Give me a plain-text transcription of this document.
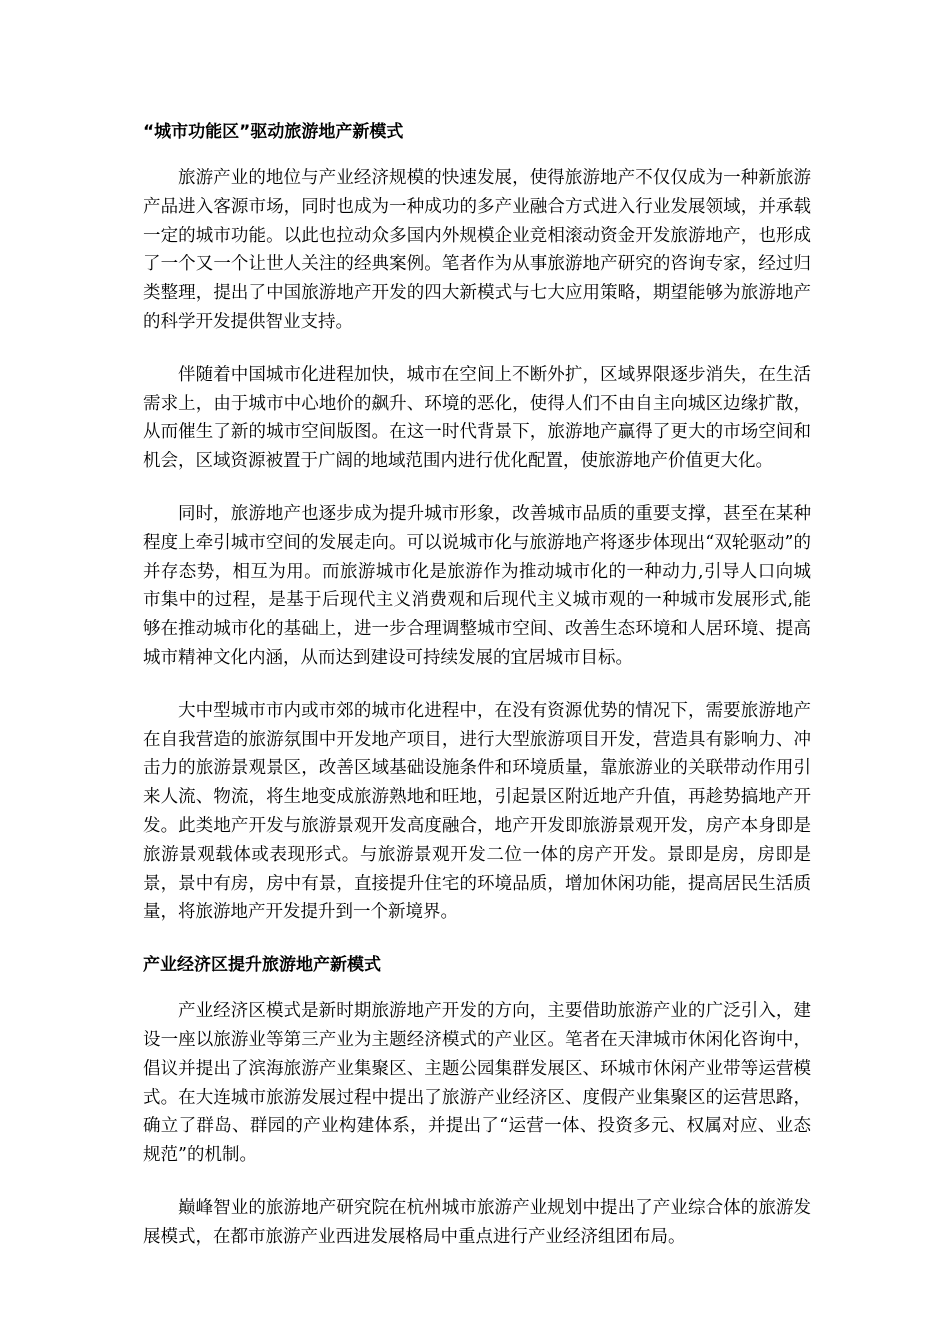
“城市功能区”驱动旅游地产新模式

旅游产业的地位与产业经济规模的快速发展，使得旅游地产不仅仅成为一种新旅游产品进入客源市场，同时也成为一种成功的多产业融合方式进入行业发展领域，并承载一定的城市功能。以此也拉动众多国内外规模企业竞相滚动资金开发旅游地产，也形成了一个又一个让世人关注的经典案例。笔者作为从事旅游地产研究的咨询专家，经过归类整理，提出了中国旅游地产开发的四大新模式与七大应用策略，期望能够为旅游地产的科学开发提供智业支持。

伴随着中国城市化进程加快，城市在空间上不断外扩，区域界限逐步消失，在生活需求上，由于城市中心地价的飙升、环境的恶化，使得人们不由自主向城区边缘扩散，从而催生了新的城市空间版图。在这一时代背景下，旅游地产赢得了更大的市场空间和机会，区域资源被置于广阔的地域范围内进行优化配置，使旅游地产价值更大化。

同时，旅游地产也逐步成为提升城市形象，改善城市品质的重要支撑，甚至在某种程度上牵引城市空间的发展走向。可以说城市化与旅游地产将逐步体现出“双轮驱动”的并存态势，相互为用。而旅游城市化是旅游作为推动城市化的一种动力,引导人口向城市集中的过程，是基于后现代主义消费观和后现代主义城市观的一种城市发展形式,能够在推动城市化的基础上，进一步合理调整城市空间、改善生态环境和人居环境、提高城市精神文化内涵，从而达到建设可持续发展的宜居城市目标。

大中型城市市内或市郊的城市化进程中，在没有资源优势的情况下，需要旅游地产在自我营造的旅游氛围中开发地产项目，进行大型旅游项目开发，营造具有影响力、冲击力的旅游景观景区，改善区域基础设施条件和环境质量，靠旅游业的关联带动作用引来人流、物流，将生地变成旅游熟地和旺地，引起景区附近地产升值，再趁势搞地产开发。此类地产开发与旅游景观开发高度融合，地产开发即旅游景观开发，房产本身即是旅游景观载体或表现形式。与旅游景观开发二位一体的房产开发。景即是房，房即是景，景中有房，房中有景，直接提升住宅的环境品质，增加休闲功能，提高居民生活质量，将旅游地产开发提升到一个新境界。

产业经济区提升旅游地产新模式

产业经济区模式是新时期旅游地产开发的方向，主要借助旅游产业的广泛引入，建设一座以旅游业等第三产业为主题经济模式的产业区。笔者在天津城市休闲化咨询中，倡议并提出了滨海旅游产业集聚区、主题公园集群发展区、环城市休闲产业带等运营模式。在大连城市旅游发展过程中提出了旅游产业经济区、度假产业集聚区的运营思路，确立了群岛、群园的产业构建体系，并提出了“运营一体、投资多元、权属对应、业态规范”的机制。

巅峰智业的旅游地产研究院在杭州城市旅游产业规划中提出了产业综合体的旅游发展模式，在都市旅游产业西进发展格局中重点进行产业经济组团布局。
